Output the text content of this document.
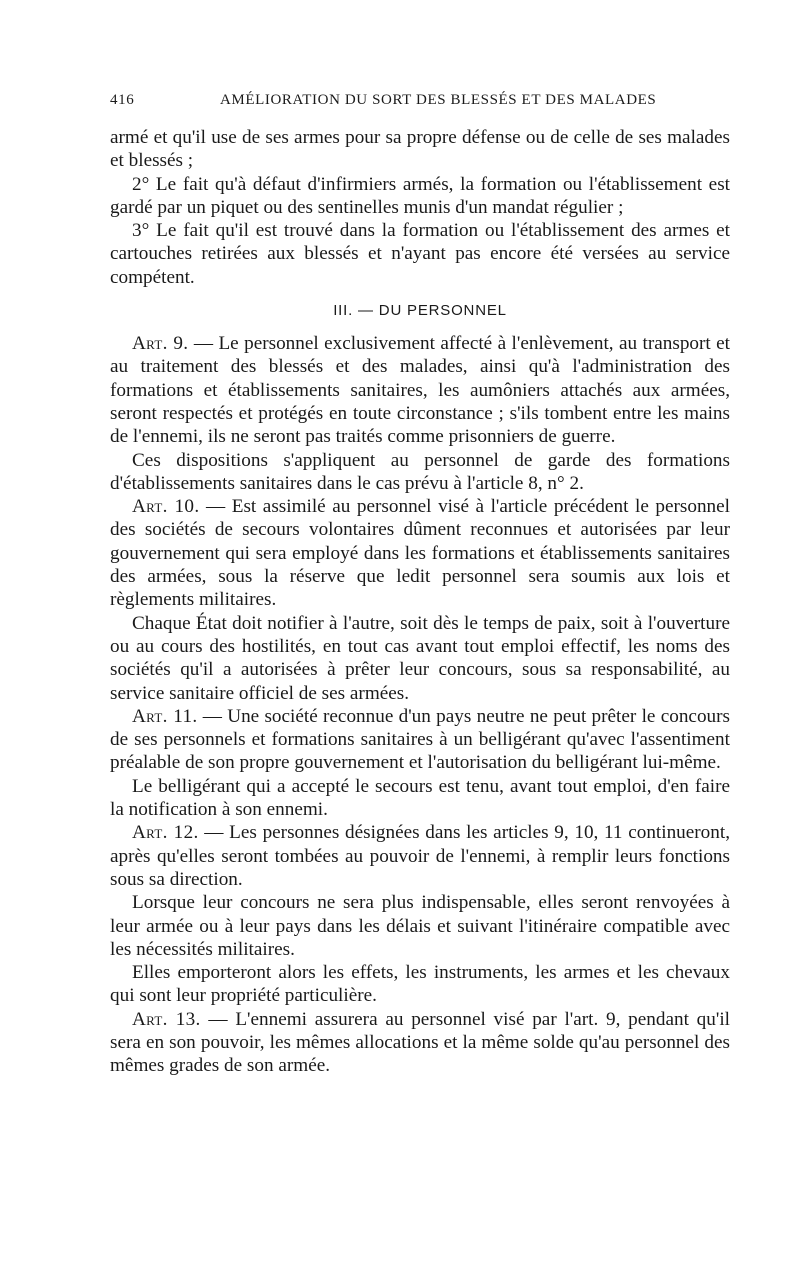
416	AMÉLIORATION DU SORT DES BLESSÉS ET DES MALADES

armé et qu'il use de ses armes pour sa propre défense ou de celle de ses malades et blessés ;

2° Le fait qu'à défaut d'infirmiers armés, la formation ou l'établissement est gardé par un piquet ou des sentinelles munis d'un mandat régulier ;

3° Le fait qu'il est trouvé dans la formation ou l'établissement des armes et cartouches retirées aux blessés et n'ayant pas encore été versées au service compétent.

III. — DU PERSONNEL

Art. 9. — Le personnel exclusivement affecté à l'enlèvement, au transport et au traitement des blessés et des malades, ainsi qu'à l'administration des formations et établissements sanitaires, les aumôniers attachés aux armées, seront respectés et protégés en toute circonstance ; s'ils tombent entre les mains de l'ennemi, ils ne seront pas traités comme prisonniers de guerre.

Ces dispositions s'appliquent au personnel de garde des formations d'établissements sanitaires dans le cas prévu à l'article 8, n° 2.

Art. 10. — Est assimilé au personnel visé à l'article précédent le personnel des sociétés de secours volontaires dûment reconnues et autorisées par leur gouvernement qui sera employé dans les formations et établissements sanitaires des armées, sous la réserve que ledit personnel sera soumis aux lois et règlements militaires.

Chaque État doit notifier à l'autre, soit dès le temps de paix, soit à l'ouverture ou au cours des hostilités, en tout cas avant tout emploi effectif, les noms des sociétés qu'il a autorisées à prêter leur concours, sous sa responsabilité, au service sanitaire officiel de ses armées.

Art. 11. — Une société reconnue d'un pays neutre ne peut prêter le concours de ses personnels et formations sanitaires à un belligérant qu'avec l'assentiment préalable de son propre gouvernement et l'autorisation du belligérant lui-même.

Le belligérant qui a accepté le secours est tenu, avant tout emploi, d'en faire la notification à son ennemi.

Art. 12. — Les personnes désignées dans les articles 9, 10, 11 continueront, après qu'elles seront tombées au pouvoir de l'ennemi, à remplir leurs fonctions sous sa direction.

Lorsque leur concours ne sera plus indispensable, elles seront renvoyées à leur armée ou à leur pays dans les délais et suivant l'itinéraire compatible avec les nécessités militaires.

Elles emporteront alors les effets, les instruments, les armes et les chevaux qui sont leur propriété particulière.

Art. 13. — L'ennemi assurera au personnel visé par l'art. 9, pendant qu'il sera en son pouvoir, les mêmes allocations et la même solde qu'au personnel des mêmes grades de son armée.
